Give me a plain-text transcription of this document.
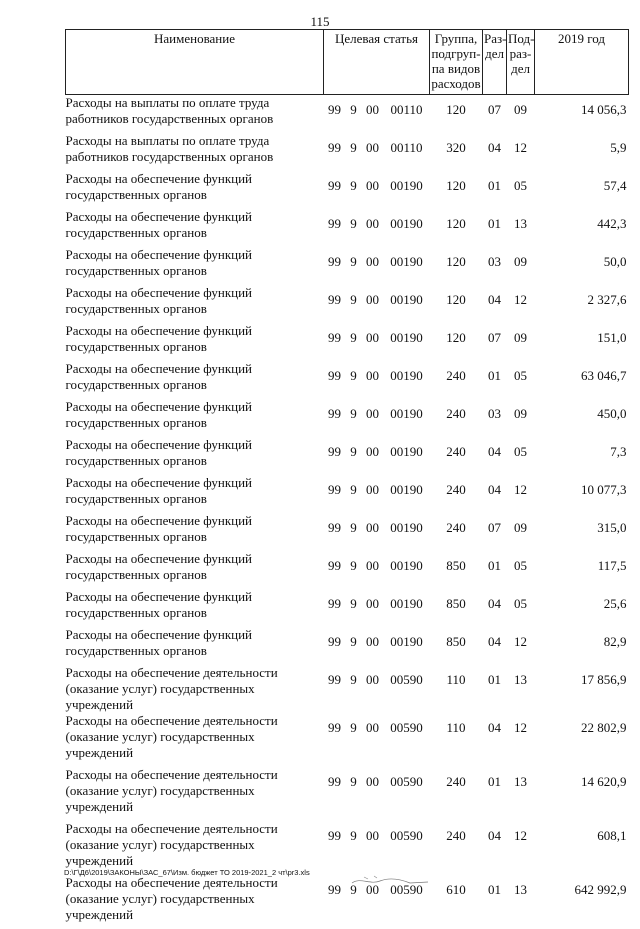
115
Наименование	Целевая статья				Группа, подгруп-па видов расходов	Раз-дел	Под-раз-дел	2019 год
Расходы на выплаты по оплате труда работников государственных органов	99	9	00	00110	120	07	09	14 056,3
Расходы на выплаты по оплате труда работников государственных органов	99	9	00	00110	320	04	12	5,9
Расходы на обеспечение функций государственных органов	99	9	00	00190	120	01	05	57,4
Расходы на обеспечение функций государственных органов	99	9	00	00190	120	01	13	442,3
Расходы на обеспечение функций государственных органов	99	9	00	00190	120	03	09	50,0
Расходы на обеспечение функций государственных органов	99	9	00	00190	120	04	12	2 327,6
Расходы на обеспечение функций государственных органов	99	9	00	00190	120	07	09	151,0
Расходы на обеспечение функций государственных органов	99	9	00	00190	240	01	05	63 046,7
Расходы на обеспечение функций государственных органов	99	9	00	00190	240	03	09	450,0
Расходы на обеспечение функций государственных органов	99	9	00	00190	240	04	05	7,3
Расходы на обеспечение функций государственных органов	99	9	00	00190	240	04	12	10 077,3
Расходы на обеспечение функций государственных органов	99	9	00	00190	240	07	09	315,0
Расходы на обеспечение функций государственных органов	99	9	00	00190	850	01	05	117,5
Расходы на обеспечение функций государственных органов	99	9	00	00190	850	04	05	25,6
Расходы на обеспечение функций государственных органов	99	9	00	00190	850	04	12	82,9
Расходы на обеспечение деятельности (оказание услуг) государственных учреждений	99	9	00	00590	110	01	13	17 856,9
Расходы на обеспечение деятельности (оказание услуг) государственных учреждений	99	9	00	00590	110	04	12	22 802,9
Расходы на обеспечение деятельности (оказание услуг) государственных учреждений	99	9	00	00590	240	01	13	14 620,9
Расходы на обеспечение деятельности (оказание услуг) государственных учреждений	99	9	00	00590	240	04	12	608,1
Расходы на обеспечение деятельности (оказание услуг) государственных учреждений	99	9	00	00590	610	01	13	642 992,9
D:\Г\Д6\2019\ЗАКОНЫ\ЗАС_67\Изм. бюджет ТО 2019-2021_2 чт\pr3.xls
